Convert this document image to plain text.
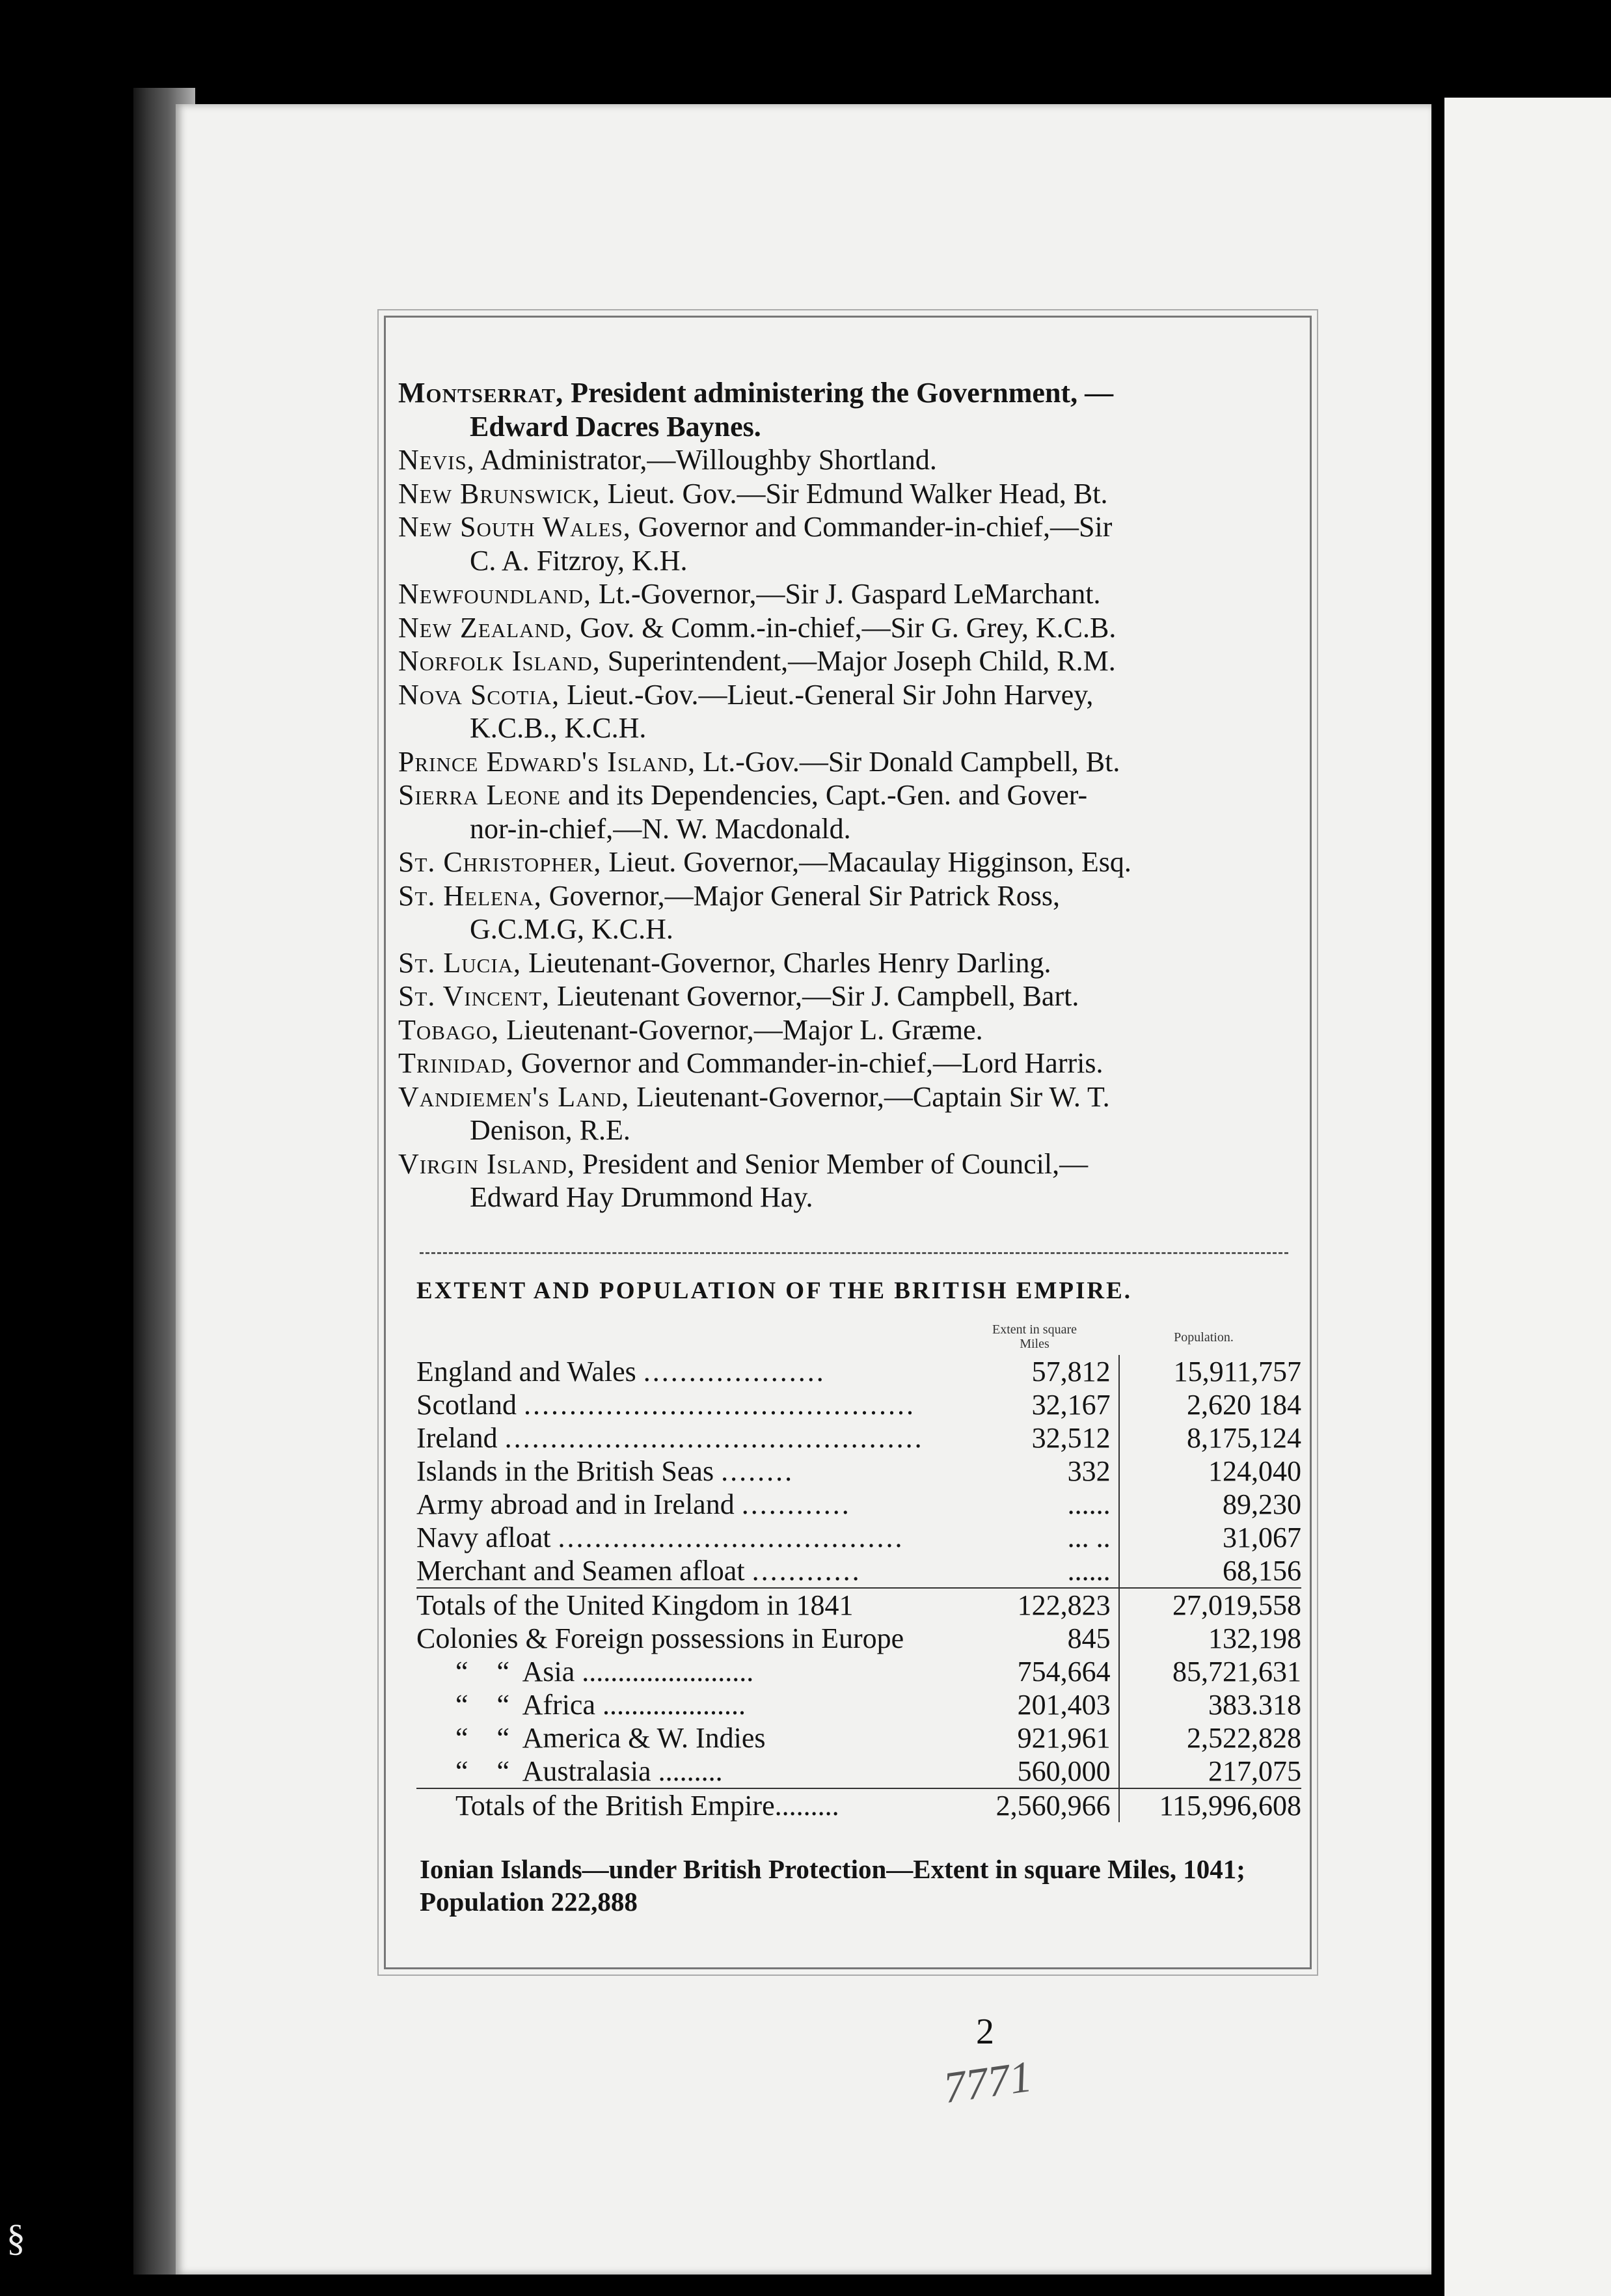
Montserrat, President administering the Government, —
Edward Dacres Baynes.

Nevis, Administrator,—Willoughby Shortland.

New Brunswick, Lieut. Gov.—Sir Edmund Walker Head, Bt.

New South Wales, Governor and Commander-in-chief,—Sir
C. A. Fitzroy, K.H.

Newfoundland, Lt.-Governor,—Sir J. Gaspard LeMarchant.

New Zealand, Gov. & Comm.-in-chief,—Sir G. Grey, K.C.B.

Norfolk Island, Superintendent,—Major Joseph Child, R.M.

Nova Scotia, Lieut.-Gov.—Lieut.-General Sir John Harvey,
K.C.B., K.C.H.

Prince Edward's Island, Lt.-Gov.—Sir Donald Campbell, Bt.

Sierra Leone and its Dependencies, Capt.-Gen. and Gover-
nor-in-chief,—N. W. Macdonald.

St. Christopher, Lieut. Governor,—Macaulay Higginson, Esq.

St. Helena, Governor,—Major General Sir Patrick Ross,
G.C.M.G, K.C.H.

St. Lucia, Lieutenant-Governor, Charles Henry Darling.

St. Vincent, Lieutenant Governor,—Sir J. Campbell, Bart.

Tobago, Lieutenant-Governor,—Major L. Græme.

Trinidad, Governor and Commander-in-chief,—Lord Harris.

Vandiemen's Land, Lieutenant-Governor,—Captain Sir W. T.
Denison, R.E.

Virgin Island, President and Senior Member of Council,—
Edward Hay Drummond Hay.

EXTENT AND POPULATION OF THE BRITISH EMPIRE.
Extent in square Miles	Population.
England and Wales ....................	57,812	15,911,757
Scotland ...........................................	32,167	2,620 184
Ireland ..............................................	32,512	8,175,124
Islands in the British Seas ........	332	124,040
Army abroad and in Ireland ............	......	89,230
Navy afloat ......................................	... ..	31,067
Merchant and Seamen afloat ............	......	68,156
Totals of the United Kingdom in 1841	122,823	27,019,558
Colonies & Foreign possessions in Europe	845	132,198
“    “  Asia ........................	754,664	85,721,631
“    “  Africa ....................	201,403	383.318
“    “  America & W. Indies	921,961	2,522,828
“    “  Australasia .........	560,000	217,075
Totals of the British Empire.........	2,560,966	115,996,608
Ionian Islands—under British Protection—Extent in square Miles, 1041; Population 222,888
2
7771
§
